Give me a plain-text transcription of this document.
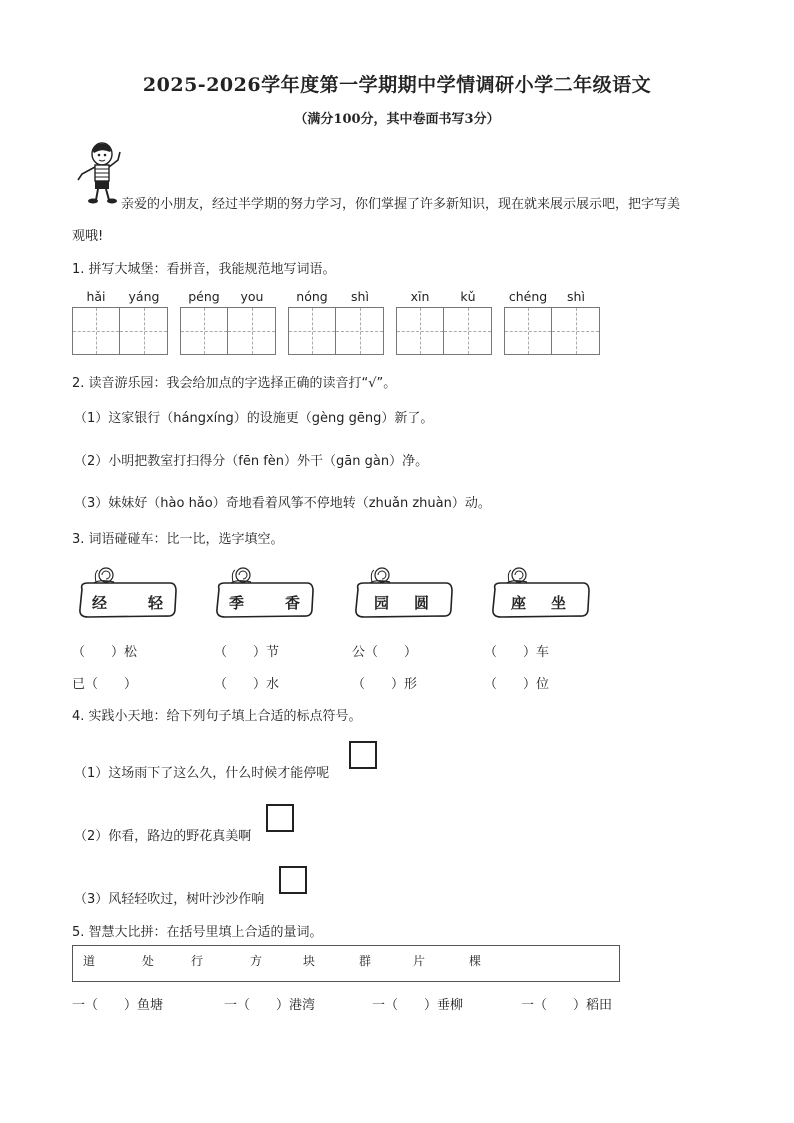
2025-2026学年度第一学期期中学情调研小学二年级语文
（满分100分，其中卷面书写3分）
亲爱的小朋友，经过半学期的努力学习，你们掌握了许多新知识，现在就来展示展示吧，把字写美
观哦!
1. 拼写大城堡：看拼音，我能规范地写词语。
hǎi	yáng	péng	you	nóng	shì	xīn	kǔ	chéng	shì
2. 读音游乐园：我会给加点的字选择正确的读音打“√”。
（1）这家银行（hángxíng）的设施更（gèng gēng）新了。
（2）小明把教室打扫得分（fēn fèn）外干（gān gàn）净。
（3）妹妹好（hào hǎo）奇地看着风筝不停地转（zhuǎn zhuàn）动。
3. 词语碰碰车：比一比，选字填空。
经	轻	季	香	园 圆	座 坐
（　　）松	（　　）节	公（　　）	（　　）车
已（　　）	（　　）水	（　　）形	（　　）位
4. 实践小天地：给下列句子填上合适的标点符号。
（1）这场雨下了这么久，什么时候才能停呢
（2）你看，路边的野花真美啊
（3）风轻轻吹过，树叶沙沙作响
5. 智慧大比拼：在括号里填上合适的量词。
道	处	行	方	块	群	片	棵
一（　　）鱼塘	一（　　）港湾	一（　　）垂柳	一（　　）稻田
